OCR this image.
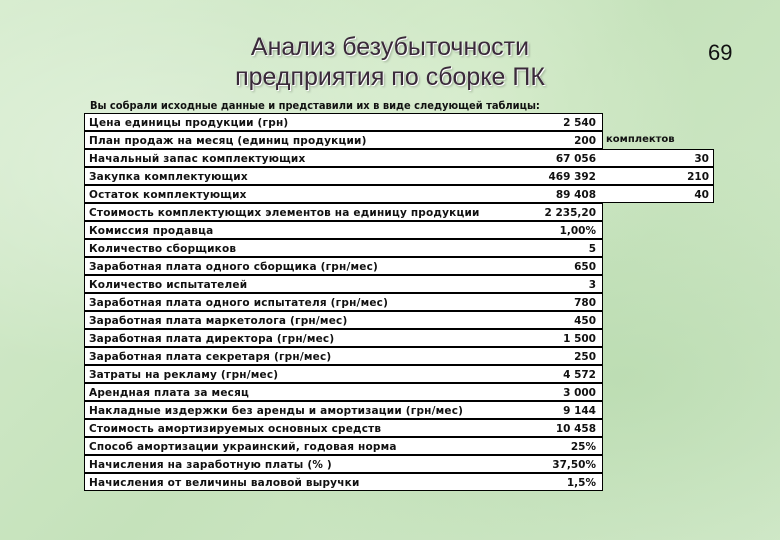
Анализ безубыточности
предприятия по сборке ПК
69
Вы собрали исходные данные и представили их в виде следующей таблицы:
Цена единицы продукции (грн)	2 540
План продаж на месяц (единиц продукции)	200	комплектов
Начальный запас комплектующих	67 056	30
Закупка комплектующих	469 392	210
Остаток комплектующих	89 408	40
Стоимость комплектующих элементов на единицу продукции	2 235,20
Комиссия продавца	1,00%
Количество сборщиков	5
Заработная плата одного сборщика (грн/мес)	650
Количество испытателей	3
Заработная плата одного испытателя (грн/мес)	780
Заработная плата маркетолога (грн/мес)	450
Заработная плата директора (грн/мес)	1 500
Заработная плата секретаря (грн/мес)	250
Затраты на рекламу (грн/мес)	4 572
Арендная плата за месяц	3 000
Накладные издержки без аренды и амортизации (грн/мес)	9 144
Стоимость амортизируемых основных средств	10 458
Способ амортизации украинский, годовая норма	25%
Начисления на заработную платы (% )	37,50%
Начисления от величины валовой выручки	1,5%
